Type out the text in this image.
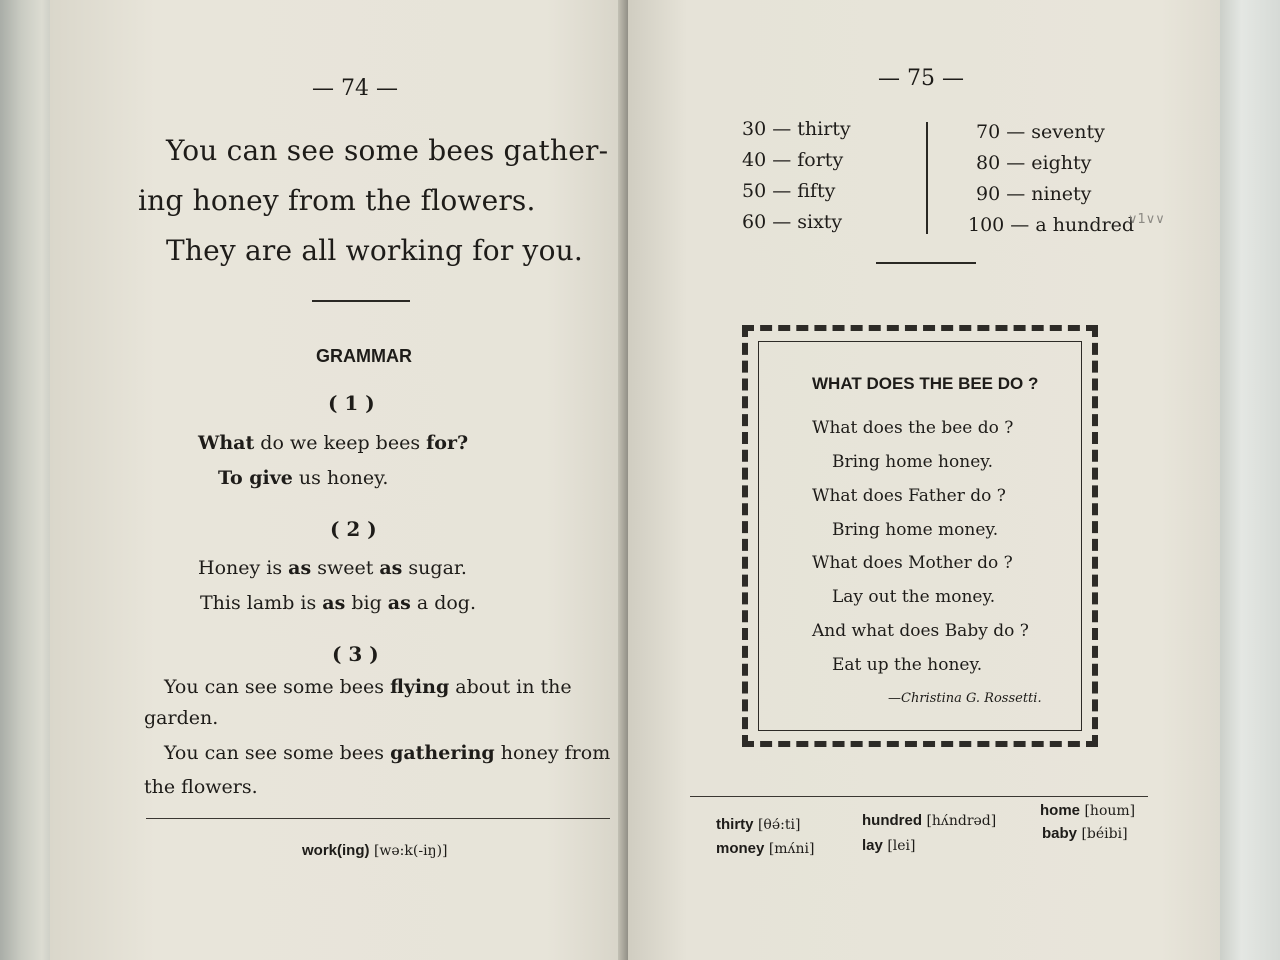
— 74 —
You can see some bees gather-
ing honey from the flowers.
They are all working for you.
GRAMMAR
( 1 )
What do we keep bees for?
To give us honey.
( 2 )
Honey is as sweet as sugar.
This lamb is as big as a dog.
( 3 )
You can see some bees flying about in the
garden.
You can see some bees gathering honey from
the flowers.
work(ing) [wə:k(-iŋ)]
— 75 —
30 — thirty
40 — forty
50 — fifty
60 — sixty
70 — seventy
80 — eighty
90 — ninety
100 — a hundred
∨1∨∨
WHAT DOES THE BEE DO ?
What does the bee do ?
Bring home honey.
What does Father do ?
Bring home money.
What does Mother do ?
Lay out the money.
And what does Baby do ?
Eat up the honey.
—Christina G. Rossetti.
thirty [θə́:ti]
money [mʌ́ni]
hundred [hʌ́ndrəd]
lay [lei]
home [houm]
baby [béibi]
